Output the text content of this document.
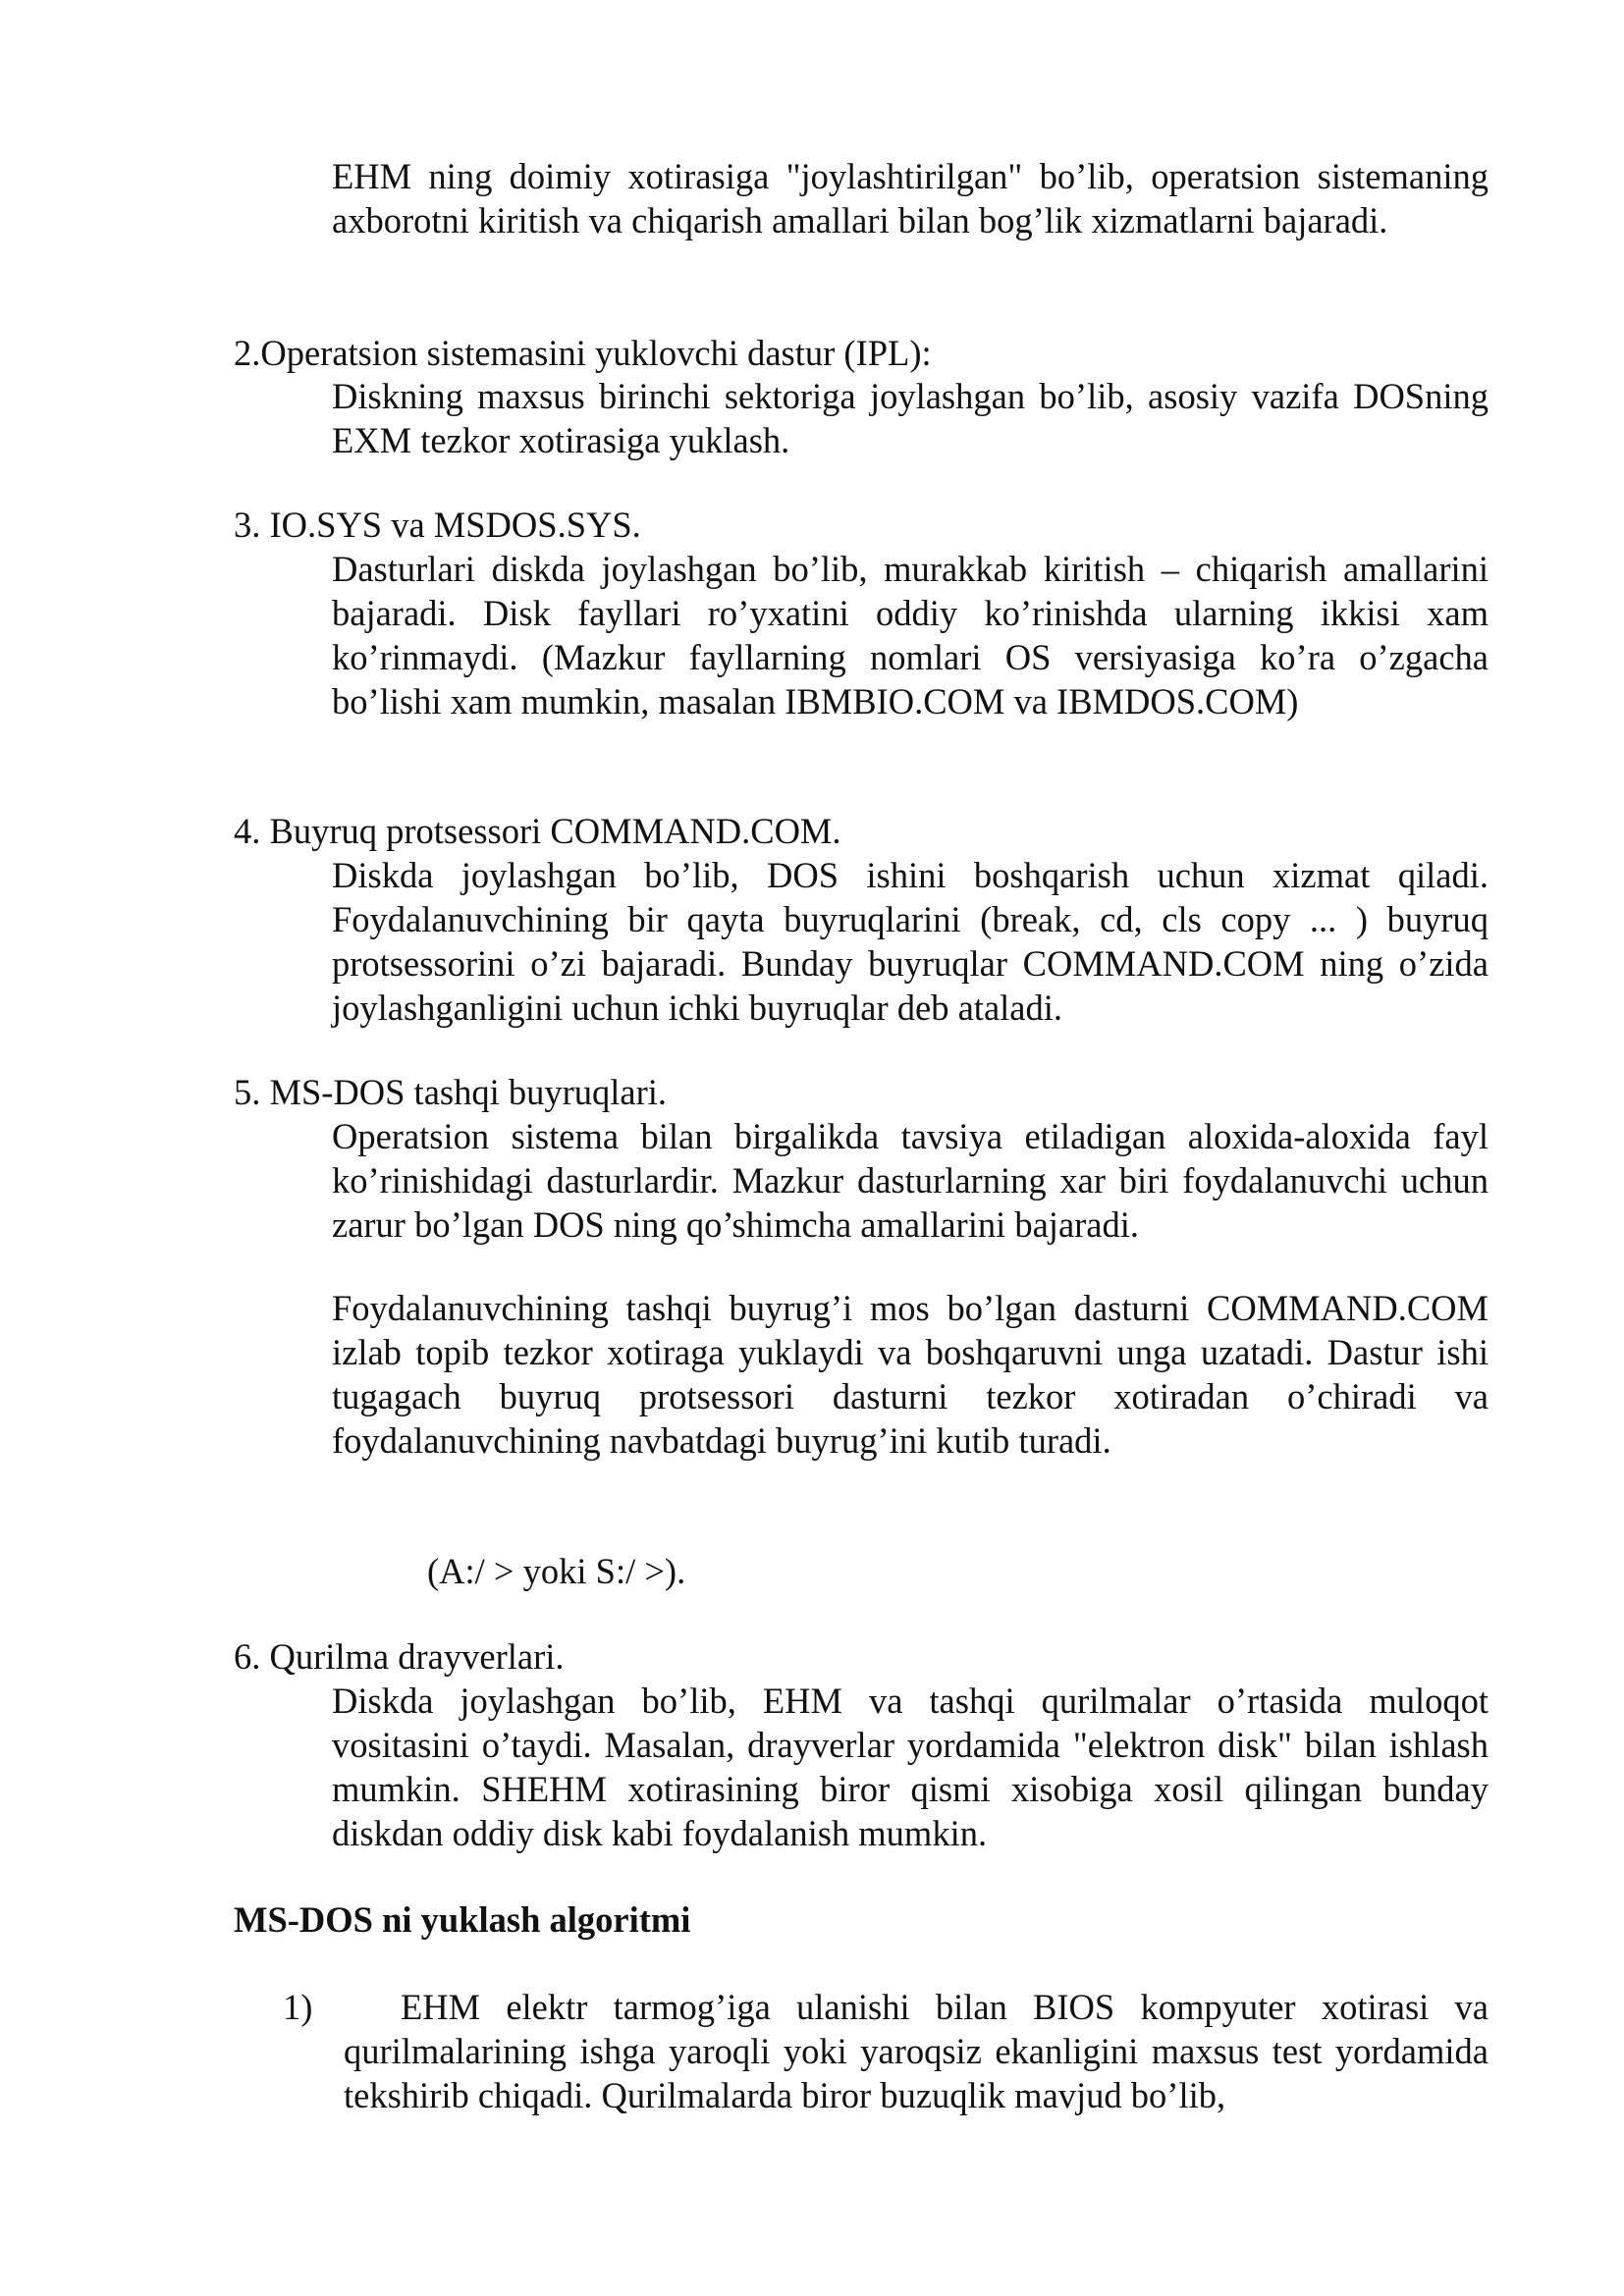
EHM ning doimiy xotirasiga "joylashtirilgan" bo’lib, operatsion sistemaning axborotni kiritish va chiqarish amallari bilan bog’lik xizmatlarni bajaradi.
2.Operatsion sistemasini yuklovchi dastur (IPL):
Diskning maxsus birinchi sektoriga joylashgan bo’lib, asosiy vazifa DOSning EXM tezkor xotirasiga yuklash.
3. IO.SYS va MSDOS.SYS.
Dasturlari diskda joylashgan bo’lib, murakkab kiritish – chiqarish amallarini bajaradi. Disk fayllari ro’yxatini oddiy ko’rinishda ularning ikkisi xam ko’rinmaydi. (Mazkur fayllarning nomlari OS versiyasiga ko’ra o’zgacha bo’lishi xam mumkin, masalan IBMBIO.COM va IBMDOS.COM)
4. Buyruq protsessori COMMAND.COM.
Diskda joylashgan bo’lib, DOS ishini boshqarish uchun xizmat qiladi. Foydalanuvchining bir qayta buyruqlarini (break, cd, cls copy ... ) buyruq protsessorini o’zi bajaradi. Bunday buyruqlar COMMAND.COM ning o’zida joylashganligini uchun ichki buyruqlar deb ataladi.
5. MS-DOS tashqi buyruqlari.
Operatsion sistema bilan birgalikda tavsiya etiladigan aloxida-aloxida fayl ko’rinishidagi dasturlardir. Mazkur dasturlarning xar biri foydalanuvchi uchun zarur bo’lgan DOS ning qo’shimcha amallarini bajaradi.
Foydalanuvchining tashqi buyrug’i mos bo’lgan dasturni COMMAND.COM izlab topib tezkor xotiraga yuklaydi va boshqaruvni unga uzatadi. Dastur ishi tugagach buyruq protsessori dasturni tezkor xotiradan o’chiradi va foydalanuvchining navbatdagi buyrug’ini kutib turadi.
(A:/ > yoki S:/ >).
6. Qurilma drayverlari.
Diskda joylashgan bo’lib, EHM va tashqi qurilmalar o’rtasida muloqot vositasini o’taydi. Masalan, drayverlar yordamida "elektron disk" bilan ishlash mumkin. SHEHM xotirasining biror qismi xisobiga xosil qilingan bunday diskdan oddiy disk kabi foydalanish mumkin.
MS-DOS ni yuklash algoritmi
1)	EHM elektr tarmog’iga ulanishi bilan BIOS kompyuter xotirasi va qurilmalarining ishga yaroqli yoki yaroqsiz ekanligini maxsus test yordamida tekshirib chiqadi. Qurilmalarda biror buzuqlik mavjud bo’lib,
